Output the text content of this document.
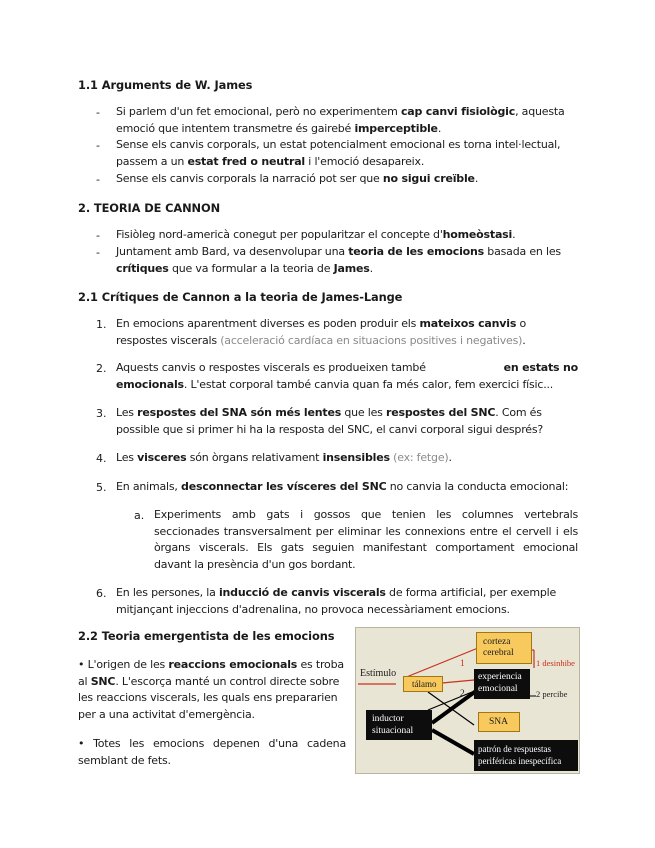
1.1 Arguments de W. James
- Si parlem d'un fet emocional, però no experimentem cap canvi fisiològic, aquesta
emoció que intentem transmetre és gairebé imperceptible.
- Sense els canvis corporals, un estat potencialment emocional es torna intel·lectual,
passem a un estat fred o neutral i l'emoció desapareix.
- Sense els canvis corporals la narració pot ser que no sigui creïble.
2. TEORIA DE CANNON
- Fisiòleg nord-americà conegut per popularitzar el concepte d'homeòstasi.
- Juntament amb Bard, va desenvolupar una teoria de les emocions basada en les
crítiques que va formular a la teoria de James.
2.1 Crítiques de Cannon a la teoria de James-Lange
1. En emocions aparentment diverses es poden produir els mateixos canvis o
respostes viscerals (acceleració cardíaca en situacions positives i negatives).
2. Aquests canvis o respostes viscerals es produeixen també	en estats no
emocionals. L'estat corporal també canvia quan fa més calor, fem exercici físic...
3. Les respostes del SNA són més lentes que les respostes del SNC. Com és
possible que si primer hi ha la resposta del SNC, el canvi corporal sigui després?
4. Les visceres són òrgans relativament insensibles (ex: fetge).
5. En animals, desconnectar les vísceres del SNC no canvia la conducta emocional:
a. Experiments amb gats i gossos que tenien les columnes vertebrals
seccionades transversalment per eliminar les connexions entre el cervell i els
òrgans viscerals. Els gats seguien manifestant comportament emocional
davant la presència d'un gos bordant.
6. En les persones, la inducció de canvis viscerals de forma artificial, per exemple
mitjançant injeccions d'adrenalina, no provoca necessàriament emocions.
2.2 Teoria emergentista de les emocions
• L'origen de les reaccions emocionals es troba
al SNC. L'escorça manté un control directe sobre
les reaccions viscerals, les quals ens prepararien
per a una activitat d'emergència.
• Totes les emocions depenen d'una cadena
semblant de fets.
corteza
cerebral
Estímulo
tálamo
1	1 desinhibe
2
experiencia
emocional 2 percibe
inductor
situacional
SNA
patrón de respuestas
periféricas inespecífica
